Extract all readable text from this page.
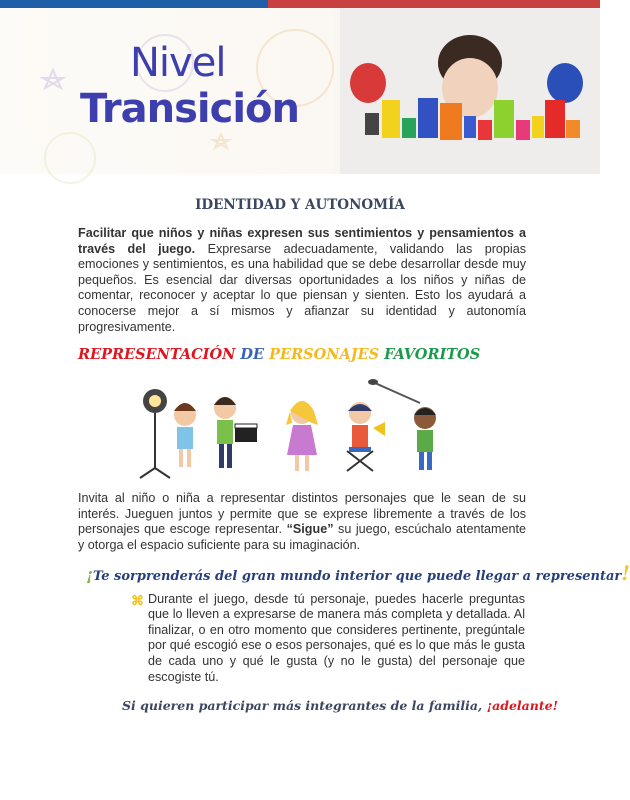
Nivel
Transición
IDENTIDAD Y AUTONOMÍA
Facilitar que niños y niñas expresen sus sentimientos y pensamientos a través del juego. Expresarse adecuadamente, validando las propias emociones y sentimientos, es una habilidad que se debe desarrollar desde muy pequeños. Es esencial dar diversas oportunidades a los niños y niñas de comentar, reconocer y aceptar lo que piensan y sienten. Esto los ayudará a conocerse mejor a sí mismos y afianzar su identidad y autonomía progresivamente.
REPRESENTACIÓN DE PERSONAJES FAVORITOS
Invita al niño o niña a representar distintos personajes que le sean de su interés. Jueguen juntos y permite que se exprese libremente a través de los personajes que escoge representar. “Sigue” su juego, escúchalo atentamente y otorga el espacio suficiente para su imaginación.
¡Te sorprenderás del gran mundo interior que puede llegar a representar!
⌘ Durante el juego, desde tú personaje, puedes hacerle preguntas que lo lleven a expresarse de manera más completa y detallada. Al finalizar, o en otro momento que consideres pertinente, pregúntale por qué escogió ese o esos personajes, qué es lo que más le gusta de cada uno y qué le gusta (y no le gusta) del personaje que escogiste tú.
Si quieren participar más integrantes de la familia, ¡adelante!
